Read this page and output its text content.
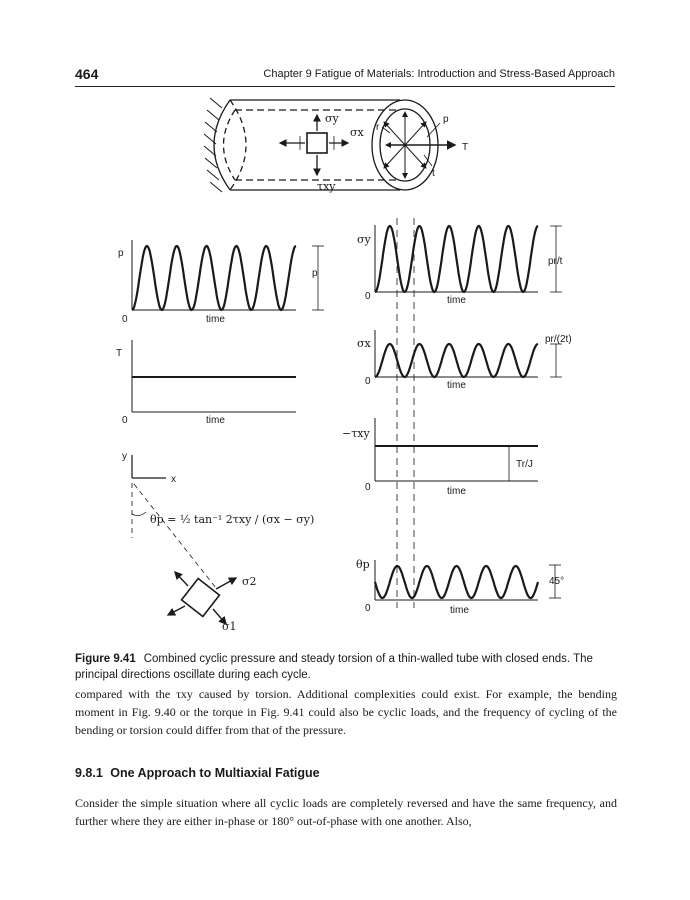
464	Chapter 9 Fatigue of Materials: Introduction and Stress-Based Approach
σy
σx
τxy
r
p
T
t
p
0	time
p
T
0	time
y
x
θp = ½ tan⁻¹ 2τxy / (σx − σy)
σ2
σ1
σy
0	time
pr/t
σx
0	time
pr/(2t)
−τxy
0	time
Tr/J
θp
0	time
45°
Figure 9.41 Combined cyclic pressure and steady torsion of a thin-walled tube with closed ends. The principal directions oscillate during each cycle.
compared with the τxy caused by torsion. Additional complexities could exist. For example, the bending moment in Fig. 9.40 or the torque in Fig. 9.41 could also be cyclic loads, and the frequency of cycling of the bending or torsion could differ from that of the pressure.
9.8.1 One Approach to Multiaxial Fatigue
Consider the simple situation where all cyclic loads are completely reversed and have the same frequency, and further where they are either in-phase or 180° out-of-phase with one another. Also,
